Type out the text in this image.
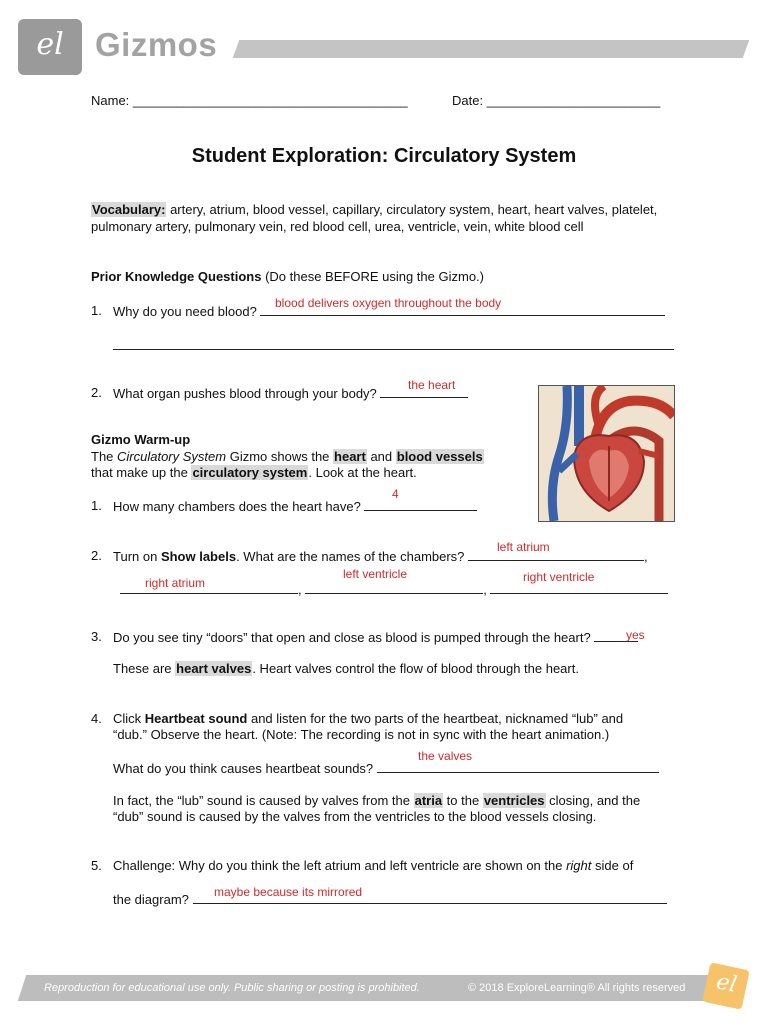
el Gizmos
Name: ______________________________________	Date: ________________________
Student Exploration: Circulatory System
Vocabulary: artery, atrium, blood vessel, capillary, circulatory system, heart, heart valves, platelet, pulmonary artery, pulmonary vein, red blood cell, urea, ventricle, vein, white blood cell
Prior Knowledge Questions (Do these BEFORE using the Gizmo.)
1. Why do you need blood?
blood delivers oxygen throughout the body
2. What organ pushes blood through your body?
the heart
Gizmo Warm-up
The Circulatory System Gizmo shows the heart and blood vessels
that make up the circulatory system. Look at the heart.
1. How many chambers does the heart have?
4
2. Turn on Show labels. What are the names of the chambers?	,
left atrium
,	,
right atrium
left ventricle	right ventricle
3. Do you see tiny “doors” that open and close as blood is pumped through the heart?	yes
These are heart valves. Heart valves control the flow of blood through the heart.
4. Click Heartbeat sound and listen for the two parts of the heartbeat, nicknamed “lub” and
“dub.” Observe the heart. (Note: The recording is not in sync with the heart animation.)
What do you think causes heartbeat sounds?
the valves
In fact, the “lub” sound is caused by valves from the atria to the ventricles closing, and the
“dub” sound is caused by the valves from the ventricles to the blood vessels closing.
5. Challenge: Why do you think the left atrium and left ventricle are shown on the right side of
the diagram?	maybe because its mirrored
Reproduction for educational use only. Public sharing or posting is prohibited.	© 2018 ExploreLearning® All rights reserved	el
